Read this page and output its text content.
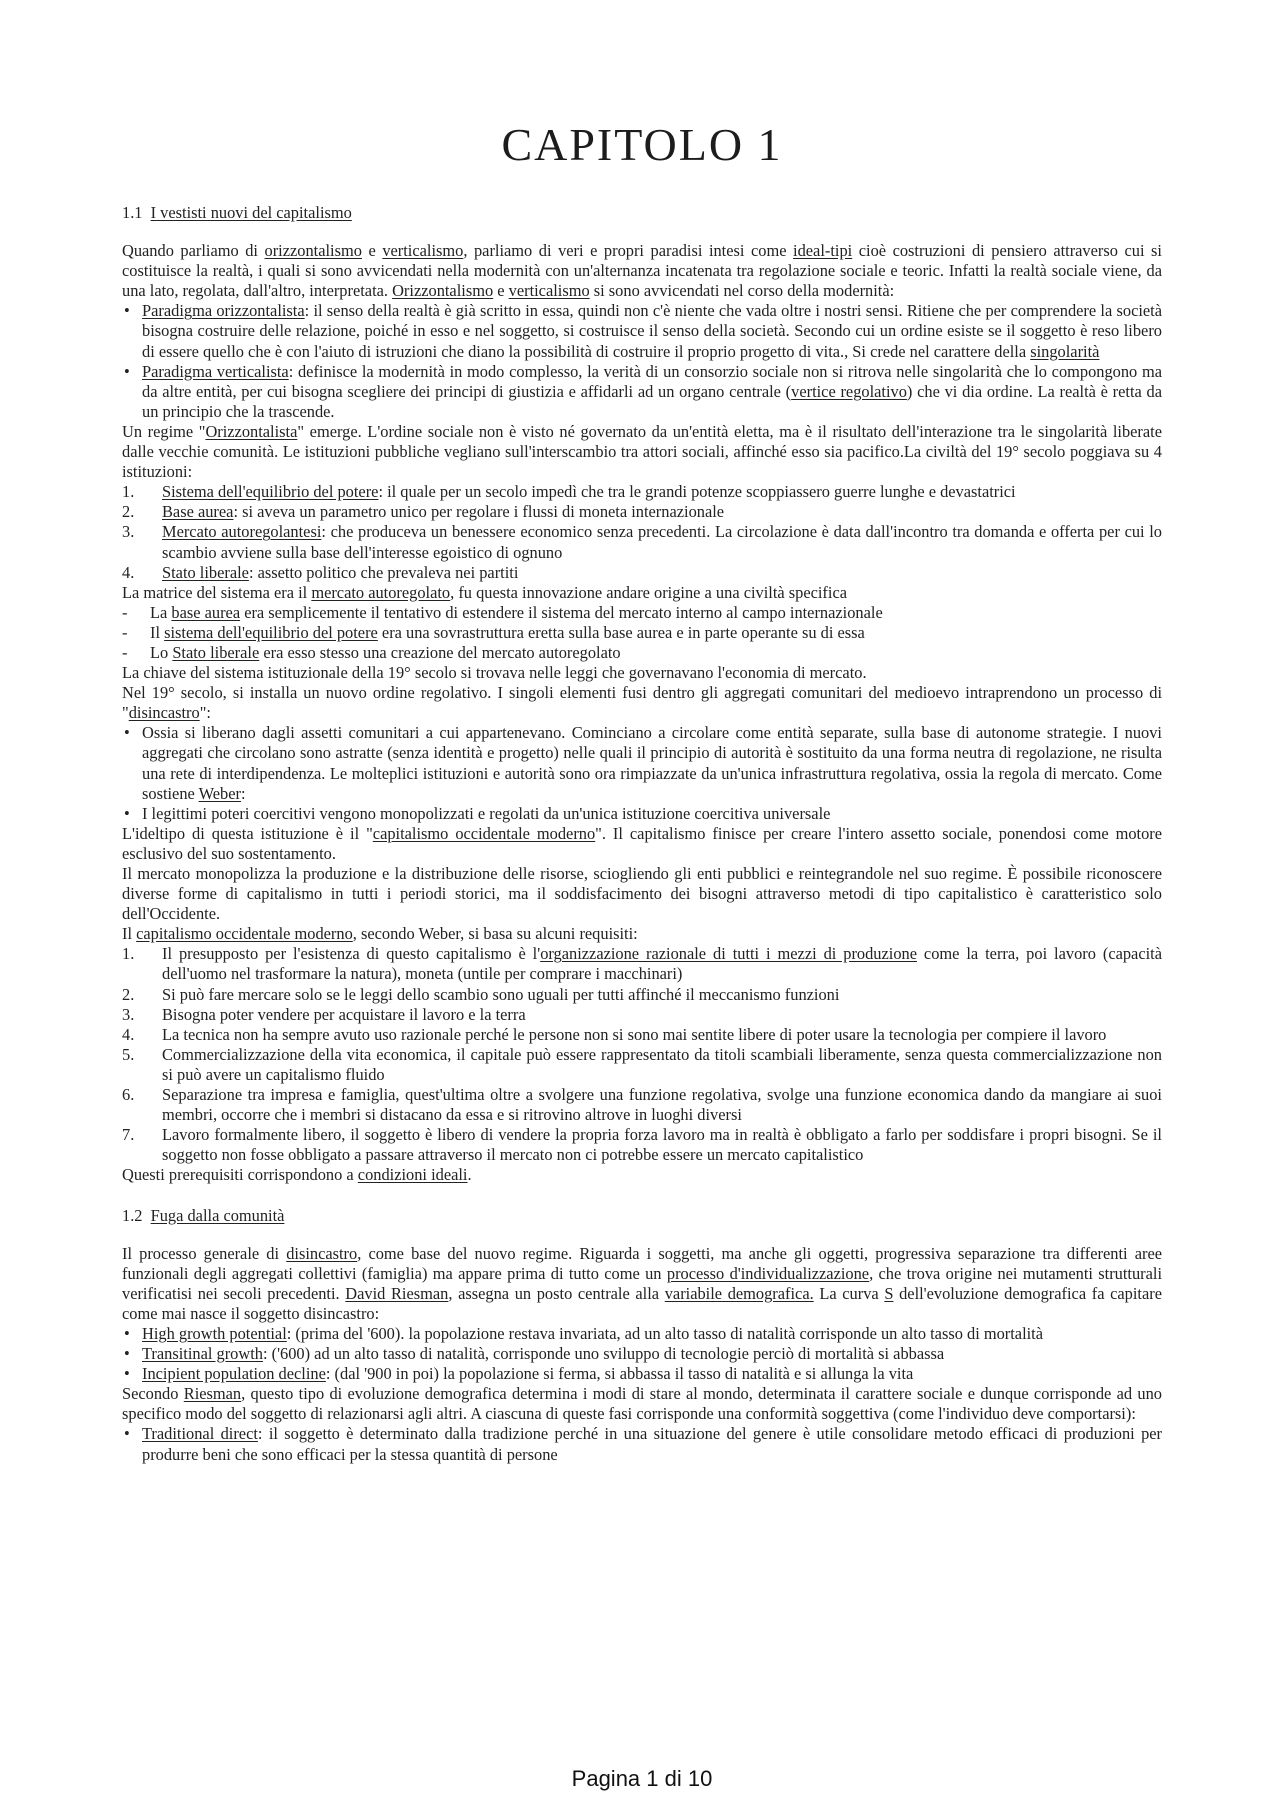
CAPITOLO 1
1.1 I vestisti nuovi del capitalismo

Quando parliamo di orizzontalismo e verticalismo, parliamo di veri e propri paradisi intesi come ideal-tipi cioè costruzioni di pensiero attraverso cui si costituisce la realtà, i quali si sono avvicendati nella modernità con un'alternanza incatenata tra regolazione sociale e teoric. Infatti la realtà sociale viene, da una lato, regolata, dall'altro, interpretata. Orizzontalismo e verticalismo si sono avvicendati nel corso della modernità:

• Paradigma orizzontalista: il senso della realtà è già scritto in essa, quindi non c'è niente che vada oltre i nostri sensi. Ritiene che per comprendere la società bisogna costruire delle relazione, poiché in esso e nel soggetto, si costruisce il senso della società. Secondo cui un ordine esiste se il soggetto è reso libero di essere quello che è con l'aiuto di istruzioni che diano la possibilità di costruire il proprio progetto di vita., Si crede nel carattere della singolarità
• Paradigma verticalista: definisce la modernità in modo complesso, la verità di un consorzio sociale non si ritrova nelle singolarità che lo compongono ma da altre entità, per cui bisogna scegliere dei principi di giustizia e affidarli ad un organo centrale (vertice regolativo) che vi dia ordine. La realtà è retta da un principio che la trascende.

Un regime "Orizzontalista" emerge. L'ordine sociale non è visto né governato da un'entità eletta, ma è il risultato dell'interazione tra le singolarità liberate dalle vecchie comunità. Le istituzioni pubbliche vegliano sull'interscambio tra attori sociali, affinché esso sia pacifico.La civiltà del 19° secolo poggiava su 4 istituzioni:

1. Sistema dell'equilibrio del potere: il quale per un secolo impedì che tra le grandi potenze scoppiassero guerre lunghe e devastatrici
2. Base aurea: si aveva un parametro unico per regolare i flussi di moneta internazionale
3. Mercato autoregolantesi: che produceva un benessere economico senza precedenti. La circolazione è data dall'incontro tra domanda e offerta per cui lo scambio avviene sulla base dell'interesse egoistico di ognuno
4. Stato liberale: assetto politico che prevaleva nei partiti

La matrice del sistema era il mercato autoregolato, fu questa innovazione andare origine a una civiltà specifica

- La base aurea era semplicemente il tentativo di estendere il sistema del mercato interno al campo internazionale
- Il sistema dell'equilibrio del potere era una sovrastruttura eretta sulla base aurea e in parte operante su di essa
- Lo Stato liberale era esso stesso una creazione del mercato autoregolato

La chiave del sistema istituzionale della 19° secolo si trovava nelle leggi che governavano l'economia di mercato.

Nel 19° secolo, si installa un nuovo ordine regolativo. I singoli elementi fusi dentro gli aggregati comunitari del medioevo intraprendono un processo di "disincastro":

• Ossia si liberano dagli assetti comunitari a cui appartenevano. Cominciano a circolare come entità separate, sulla base di autonome strategie. I nuovi aggregati che circolano sono astratte (senza identità e progetto) nelle quali il principio di autorità è sostituito da una forma neutra di regolazione, ne risulta una rete di interdipendenza. Le molteplici istituzioni e autorità sono ora rimpiazzate da un'unica infrastruttura regolativa, ossia la regola di mercato. Come sostiene Weber:
• I legittimi poteri coercitivi vengono monopolizzati e regolati da un'unica istituzione coercitiva universale

L'ideltipo di questa istituzione è il "capitalismo occidentale moderno". Il capitalismo finisce per creare l'intero assetto sociale, ponendosi come motore esclusivo del suo sostentamento.

Il mercato monopolizza la produzione e la distribuzione delle risorse, sciogliendo gli enti pubblici e reintegrandole nel suo regime. È possibile riconoscere diverse forme di capitalismo in tutti i periodi storici, ma il soddisfacimento dei bisogni attraverso metodi di tipo capitalistico è caratteristico solo dell'Occidente.

Il capitalismo occidentale moderno, secondo Weber, si basa su alcuni requisiti:

1. Il presupposto per l'esistenza di questo capitalismo è l'organizzazione razionale di tutti i mezzi di produzione come la terra, poi lavoro (capacità dell'uomo nel trasformare la natura), moneta (untile per comprare i macchinari)
2. Si può fare mercare solo se le leggi dello scambio sono uguali per tutti affinché il meccanismo funzioni
3. Bisogna poter vendere per acquistare il lavoro e la terra
4. La tecnica non ha sempre avuto uso razionale perché le persone non si sono mai sentite libere di poter usare la tecnologia per compiere il lavoro
5. Commercializzazione della vita economica, il capitale può essere rappresentato da titoli scambiali liberamente, senza questa commercializzazione non si può avere un capitalismo fluido
6. Separazione tra impresa e famiglia, quest'ultima oltre a svolgere una funzione regolativa, svolge una funzione economica dando da mangiare ai suoi membri, occorre che i membri si distacano da essa e si ritrovino altrove in luoghi diversi
7. Lavoro formalmente libero, il soggetto è libero di vendere la propria forza lavoro ma in realtà è obbligato a farlo per soddisfare i propri bisogni. Se il soggetto non fosse obbligato a passare attraverso il mercato non ci potrebbe essere un mercato capitalistico

Questi prerequisiti corrispondono a condizioni ideali.

1.2 Fuga dalla comunità

Il processo generale di disincastro, come base del nuovo regime. Riguarda i soggetti, ma anche gli oggetti, progressiva separazione tra differenti aree funzionali degli aggregati collettivi (famiglia) ma appare prima di tutto come un processo d'individualizzazione, che trova origine nei mutamenti strutturali verificatisi nei secoli precedenti. David Riesman, assegna un posto centrale alla variabile demografica. La curva S dell'evoluzione demografica fa capitare come mai nasce il soggetto disincastro:

• High growth potential: (prima del '600). la popolazione restava invariata, ad un alto tasso di natalità corrisponde un alto tasso di mortalità
• Transitinal growth: ('600) ad un alto tasso di natalità, corrisponde uno sviluppo di tecnologie perciò di mortalità si abbassa
• Incipient population decline: (dal '900 in poi) la popolazione si ferma, si abbassa il tasso di natalità e si allunga la vita

Secondo Riesman, questo tipo di evoluzione demografica determina i modi di stare al mondo, determinata il carattere sociale e dunque corrisponde ad uno specifico modo del soggetto di relazionarsi agli altri. A ciascuna di queste fasi corrisponde una conformità soggettiva (come l'individuo deve comportarsi):

• Traditional direct: il soggetto è determinato dalla tradizione perché in una situazione del genere è utile consolidare metodo efficaci di produzioni per produrre beni che sono efficaci per la stessa quantità di persone
Pagina 1 di 10
